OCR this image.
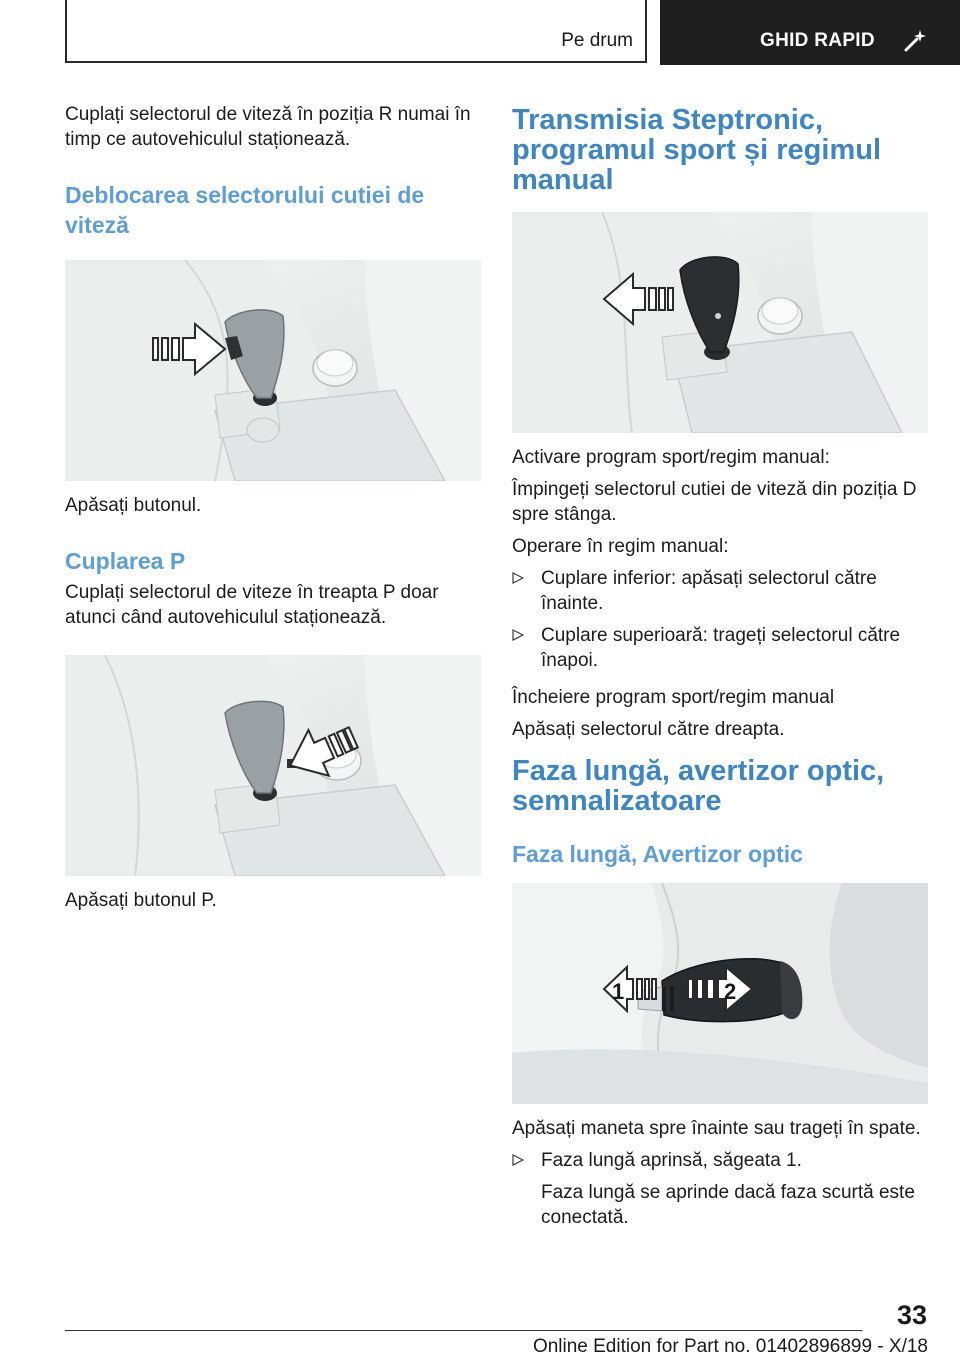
Pe drum	GHID RAPID

Cuplați selectorul de viteză în poziția R numai în timp ce autovehiculul staționează.

Deblocarea selectorului cutiei de viteză

Apăsați butonul.

Cuplarea P

Cuplați selectorul de viteze în treapta P doar atunci când autovehiculul staționează.

Apăsați butonul P.

Transmisia Steptronic, programul sport și regimul manual

Activare program sport/regim manual:

Împingeți selectorul cutiei de viteză din poziția D spre stânga.

Operare în regim manual:

Cuplare inferior: apăsați selectorul către înainte.
Cuplare superioară: trageți selectorul către înapoi.

Încheiere program sport/regim manual

Apăsați selectorul către dreapta.

Faza lungă, avertizor optic, semnalizatoare
Faza lungă, Avertizor optic
1	2

Apăsați maneta spre înainte sau trageți în spate.

Faza lungă aprinsă, săgeata 1.

Faza lungă se aprinde dacă faza scurtă este conectată.

33
Online Edition for Part no. 01402896899 - X/18
